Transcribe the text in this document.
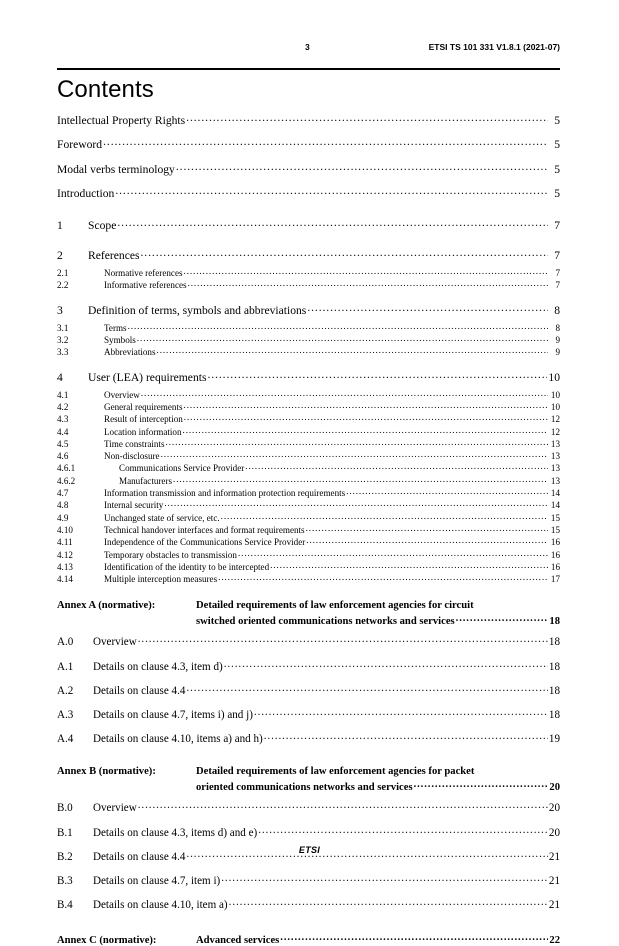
3	ETSI TS 101 331 V1.8.1 (2021-07)
Contents
Intellectual Property Rights .....	5
Foreword .....	5
Modal verbs terminology .....	5
Introduction .....	5
1	Scope .....	7
2	References .....	7
2.1	Normative references .....	7
2.2	Informative references .....	7
3	Definition of terms, symbols and abbreviations .....	8
3.1	Terms .....	8
3.2	Symbols .....	9
3.3	Abbreviations .....	9
4	User (LEA) requirements .....	10
4.1	Overview .....	10
4.2	General requirements .....	10
4.3	Result of interception .....	12
4.4	Location information .....	12
4.5	Time constraints .....	13
4.6	Non-disclosure .....	13
4.6.1	Communications Service Provider .....	13
4.6.2	Manufacturers .....	13
4.7	Information transmission and information protection requirements .....	14
4.8	Internal security .....	14
4.9	Unchanged state of service, etc. .....	15
4.10	Technical handover interfaces and format requirements .....	15
4.11	Independence of the Communications Service Provider .....	16
4.12	Temporary obstacles to transmission .....	16
4.13	Identification of the identity to be intercepted .....	16
4.14	Multiple interception measures .....	17
Annex A (normative):	Detailed requirements of law enforcement agencies for circuit
switched oriented communications networks and services .....	18
A.0	Overview .....	18
A.1	Details on clause 4.3, item d) .....	18
A.2	Details on clause 4.4 .....	18
A.3	Details on clause 4.7, items i) and j) .....	18
A.4	Details on clause 4.10, items a) and h) .....	19
Annex B (normative):	Detailed requirements of law enforcement agencies for packet
oriented communications networks and services .....	20
B.0	Overview .....	20
B.1	Details on clause 4.3, items d) and e) .....	20
B.2	Details on clause 4.4 .....	21
B.3	Details on clause 4.7, item i) .....	21
B.4	Details on clause 4.10, item a) .....	21
Annex C (normative):	Advanced services .....	22
ETSI
